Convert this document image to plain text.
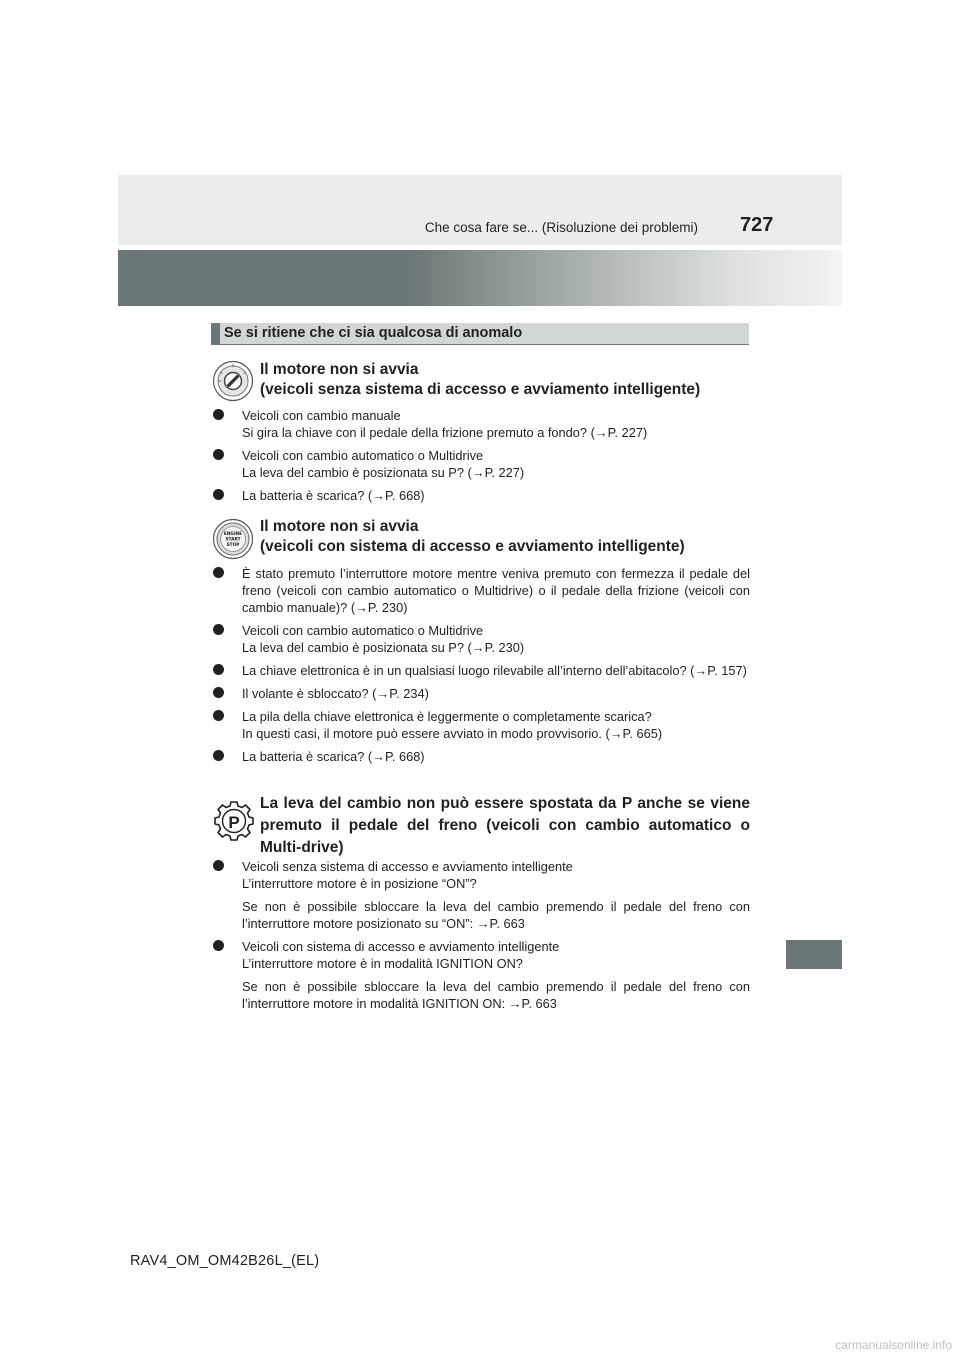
Che cosa fare se... (Risoluzione dei problemi) 727
Se si ritiene che ci sia qualcosa di anomalo
Il motore non si avvia
(veicoli senza sistema di accesso e avviamento intelligente)
Veicoli con cambio manuale
Si gira la chiave con il pedale della frizione premuto a fondo? (→P. 227)
Veicoli con cambio automatico o Multidrive
La leva del cambio è posizionata su P? (→P. 227)
La batteria è scarica? (→P. 668)
ENGINE
START
STOP
Il motore non si avvia
(veicoli con sistema di accesso e avviamento intelligente)
È stato premuto l’interruttore motore mentre veniva premuto con fermezza il pedale del freno (veicoli con cambio automatico o Multidrive) o il pedale della frizione (veicoli con cambio manuale)? (→P. 230)
Veicoli con cambio automatico o Multidrive
La leva del cambio è posizionata su P? (→P. 230)
La chiave elettronica è in un qualsiasi luogo rilevabile all’interno dell’abitacolo? (→P. 157)
Il volante è sbloccato? (→P. 234)
La pila della chiave elettronica è leggermente o completamente scarica?
In questi casi, il motore può essere avviato in modo provvisorio. (→P. 665)
La batteria è scarica? (→P. 668)
P
La leva del cambio non può essere spostata da P anche se viene premuto il pedale del freno (veicoli con cambio automatico o Multi-drive)
Veicoli senza sistema di accesso e avviamento intelligente
L’interruttore motore è in posizione “ON”?
Se non è possibile sbloccare la leva del cambio premendo il pedale del freno con l’interruttore motore posizionato su “ON”: →P. 663
Veicoli con sistema di accesso e avviamento intelligente
L’interruttore motore è in modalità IGNITION ON?
Se non è possibile sbloccare la leva del cambio premendo il pedale del freno con l’interruttore motore in modalità IGNITION ON: →P. 663
RAV4_OM_OM42B26L_(EL)
carmanualsonline.info
